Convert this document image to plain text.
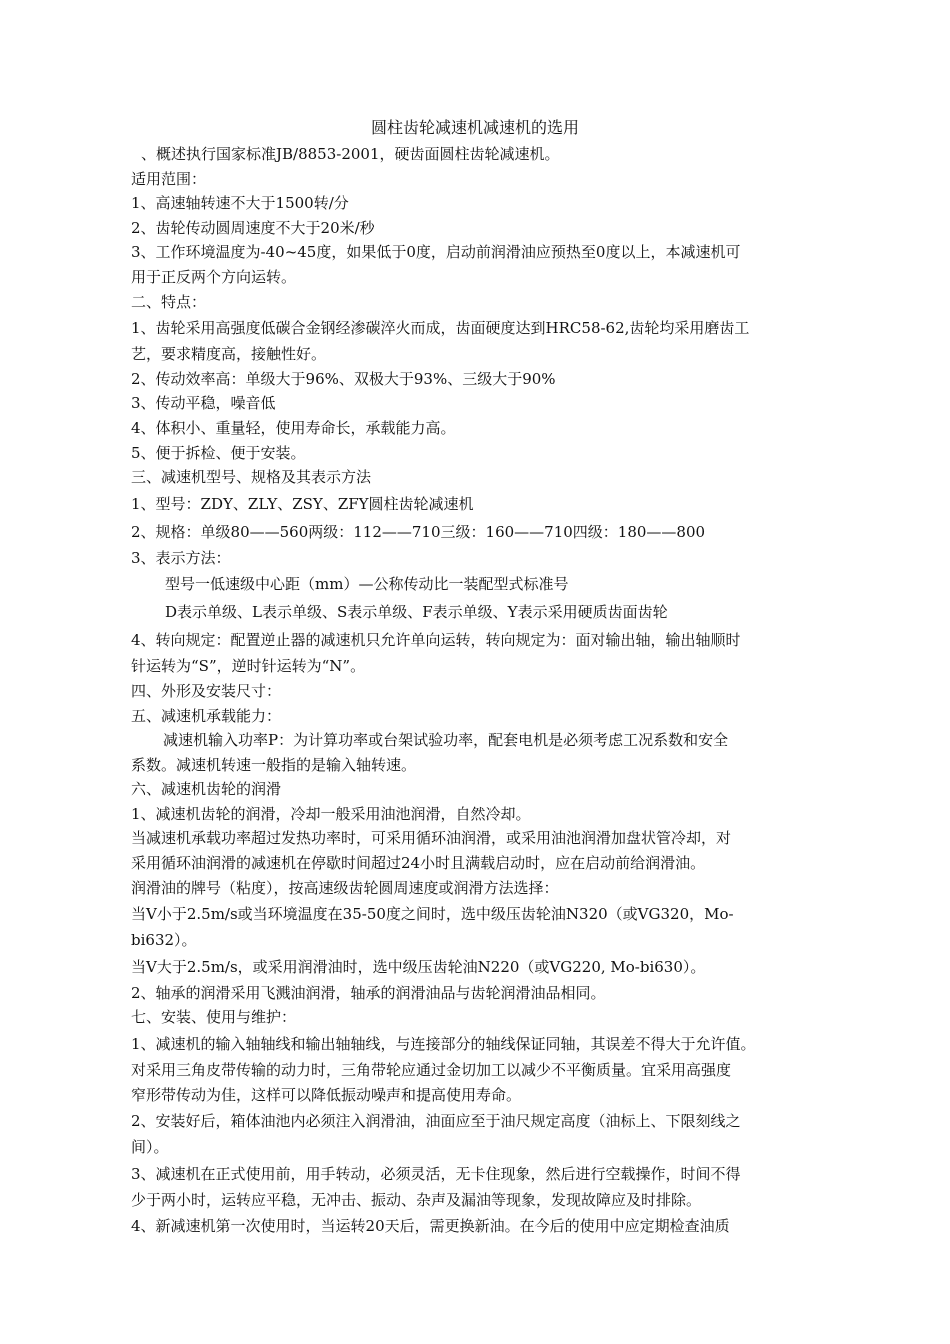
圆柱齿轮减速机减速机的选用
、概述执行国家标准JB/8853-2001，硬齿面圆柱齿轮减速机。
适用范围：
1、高速轴转速不大于1500转/分
2、齿轮传动圆周速度不大于20米/秒
3、工作环境温度为-40~45度，如果低于0度，启动前润滑油应预热至0度以上，本减速机可
用于正反两个方向运转。
二、特点：
1、齿轮采用高强度低碳合金钢经渗碳淬火而成，齿面硬度达到HRC58-62,齿轮均采用磨齿工
艺，要求精度高，接触性好。
2、传动效率高：单级大于96%、双极大于93%、三级大于90%
3、传动平稳，噪音低
4、体积小、重量轻，使用寿命长，承载能力高。
5、便于拆检、便于安装。
三、减速机型号、规格及其表示方法
1、型号：ZDY、ZLY、ZSY、ZFY圆柱齿轮减速机
2、规格：单级80——560两级：112——710三级：160——710四级：180——800
3、表示方法：
型号一低速级中心距（mm）—公称传动比一装配型式标准号
D表示单级、L表示单级、S表示单级、F表示单级、Y表示采用硬质齿面齿轮
4、转向规定：配置逆止器的减速机只允许单向运转，转向规定为：面对输出轴，输出轴顺时
针运转为“S”，逆时针运转为“N”。
四、外形及安装尺寸：
五、减速机承载能力：
减速机输入功率P：为计算功率或台架试验功率，配套电机是必须考虑工况系数和安全
系数。减速机转速一般指的是输入轴转速。
六、减速机齿轮的润滑
1、减速机齿轮的润滑，冷却一般采用油池润滑，自然冷却。
当减速机承载功率超过发热功率时，可采用循环油润滑，或采用油池润滑加盘状管冷却，对
采用循环油润滑的减速机在停歇时间超过24小时且满载启动时，应在启动前给润滑油。
润滑油的牌号（粘度），按高速级齿轮圆周速度或润滑方法选择：
当V小于2.5m/s或当环境温度在35-50度之间时，选中级压齿轮油N320（或VG320，Mo-
bi632）。
当V大于2.5m/s，或采用润滑油时，选中级压齿轮油N220（或VG220, Mo-bi630）。
2、轴承的润滑采用飞溅油润滑，轴承的润滑油品与齿轮润滑油品相同。
七、安装、使用与维护：
1、减速机的输入轴轴线和输出轴轴线，与连接部分的轴线保证同轴，其误差不得大于允许值。
对采用三角皮带传输的动力时，三角带轮应通过金切加工以减少不平衡质量。宜采用高强度
窄形带传动为佳，这样可以降低振动噪声和提高使用寿命。
2、安装好后，箱体油池内必须注入润滑油，油面应至于油尺规定高度（油标上、下限刻线之
间）。
3、减速机在正式使用前，用手转动，必须灵活，无卡住现象，然后进行空载操作，时间不得
少于两小时，运转应平稳，无冲击、振动、杂声及漏油等现象，发现故障应及时排除。
4、新减速机第一次使用时，当运转20天后，需更换新油。在今后的使用中应定期检查油质
